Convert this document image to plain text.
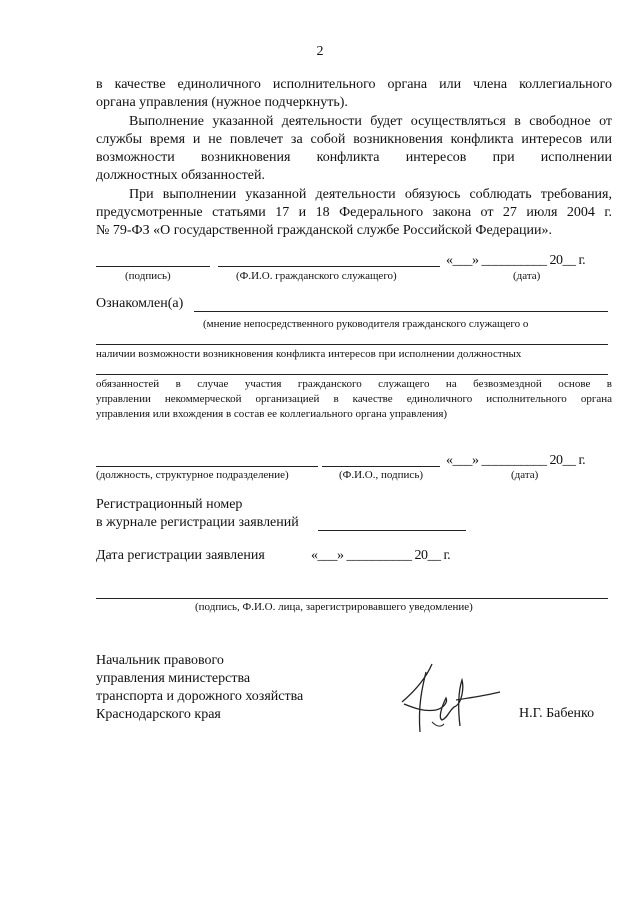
2
в качестве единоличного исполнительного органа или члена коллегиального
органа управления (нужное подчеркнуть).
Выполнение указанной деятельности будет осуществляться в свободное от
службы время и не повлечет за собой возникновения конфликта интересов или
возможности возникновения конфликта интересов при исполнении
должностных обязанностей.
При выполнении указанной деятельности обязуюсь соблюдать требования,
предусмотренные статьями 17 и 18 Федерального закона от 27 июля 2004 г.
№ 79-ФЗ «О государственной гражданской службе Российской Федерации».
«___» __________ 20__ г.
(подпись)	(Ф.И.О. гражданского служащего)	(дата)
Ознакомлен(а)
(мнение непосредственного руководителя гражданского служащего о
наличии возможности возникновения конфликта интересов при исполнении должностных
обязанностей в случае участия гражданского служащего на безвозмездной основе в
управлении некоммерческой организацией в качестве единоличного исполнительного органа
управления или вхождения в состав ее коллегиального органа управления)
«___» __________ 20__ г.
(должность, структурное подразделение)	(Ф.И.О., подпись)	(дата)
Регистрационный номер
в журнале регистрации заявлений
Дата регистрации заявления	«___» __________ 20__ г.
(подпись, Ф.И.О. лица, зарегистрировавшего уведомление)
Начальник правового
управления министерства
транспорта и дорожного хозяйства
Краснодарского края	Н.Г. Бабенко
